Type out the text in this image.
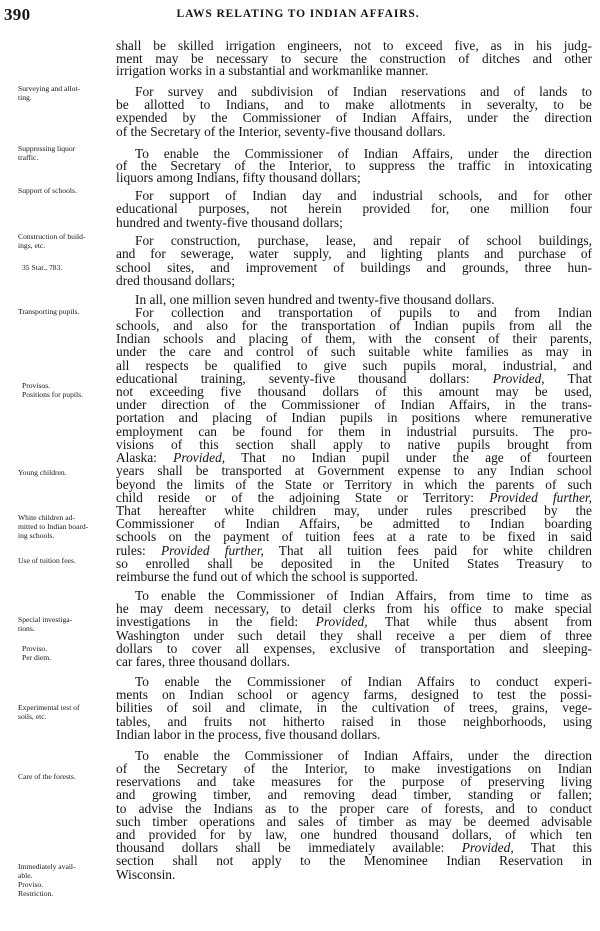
390	LAWS RELATING TO INDIAN AFFAIRS.
Surveying and allot-
ting.
Suppressing liquor
traffic.
Support of schools.
Construction of build-
ings, etc.
35 Stat., 783.
Transporting pupils.
Provisos.
Positions for pupils.
Young children.
White children ad-
mitted to Indian board-
ing schools.
Use of tuition fees.
Special investiga-
tions.
Proviso.
Per diem.
Experimental test of
soils, etc.
Care of the forests.
Immediately avail-
able.
Proviso.
Restriction.
shall be skilled irrigation engineers, not to exceed five, as in his judg-
ment may be necessary to secure the construction of ditches and other
irrigation works in a substantial and workmanlike manner.
For survey and subdivision of Indian reservations and of lands to
be allotted to Indians, and to make allotments in severalty, to be
expended by the Commissioner of Indian Affairs, under the direction
of the Secretary of the Interior, seventy-five thousand dollars.
To enable the Commissioner of Indian Affairs, under the direction
of the Secretary of the Interior, to suppress the traffic in intoxicating
liquors among Indians, fifty thousand dollars;
For support of Indian day and industrial schools, and for other
educational purposes, not herein provided for, one million four
hundred and twenty-five thousand dollars;
For construction, purchase, lease, and repair of school buildings,
and for sewerage, water supply, and lighting plants and purchase of
school sites, and improvement of buildings and grounds, three hun-
dred thousand dollars;
In all, one million seven hundred and twenty-five thousand dollars.
For collection and transportation of pupils to and from Indian
schools, and also for the transportation of Indian pupils from all the
Indian schools and placing of them, with the consent of their parents,
under the care and control of such suitable white families as may in
all respects be qualified to give such pupils moral, industrial, and
educational training, seventy-five thousand dollars: Provided, That
not exceeding five thousand dollars of this amount may be used,
under direction of the Commissioner of Indian Affairs, in the trans-
portation and placing of Indian pupils in positions where remunerative
employment can be found for them in industrial pursuits. The pro-
visions of this section shall apply to native pupils brought from
Alaska: Provided, That no Indian pupil under the age of fourteen
years shall be transported at Government expense to any Indian school
beyond the limits of the State or Territory in which the parents of such
child reside or of the adjoining State or Territory: Provided further,
That hereafter white children may, under rules prescribed by the
Commissioner of Indian Affairs, be admitted to Indian boarding
schools on the payment of tuition fees at a rate to be fixed in said
rules: Provided further, That all tuition fees paid for white children
so enrolled shall be deposited in the United States Treasury to
reimburse the fund out of which the school is supported.
To enable the Commissioner of Indian Affairs, from time to time as
he may deem necessary, to detail clerks from his office to make special
investigations in the field: Provided, That while thus absent from
Washington under such detail they shall receive a per diem of three
dollars to cover all expenses, exclusive of transportation and sleeping-
car fares, three thousand dollars.
To enable the Commissioner of Indian Affairs to conduct experi-
ments on Indian school or agency farms, designed to test the possi-
bilities of soil and climate, in the cultivation of trees, grains, vege-
tables, and fruits not hitherto raised in those neighborhoods, using
Indian labor in the process, five thousand dollars.
To enable the Commissioner of Indian Affairs, under the direction
of the Secretary of the Interior, to make investigations on Indian
reservations and take measures for the purpose of preserving living
and growing timber, and removing dead timber, standing or fallen;
to advise the Indians as to the proper care of forests, and to conduct
such timber operations and sales of timber as may be deemed advisable
and provided for by law, one hundred thousand dollars, of which ten
thousand dollars shall be immediately available: Provided, That this
section shall not apply to the Menominee Indian Reservation in
Wisconsin.
